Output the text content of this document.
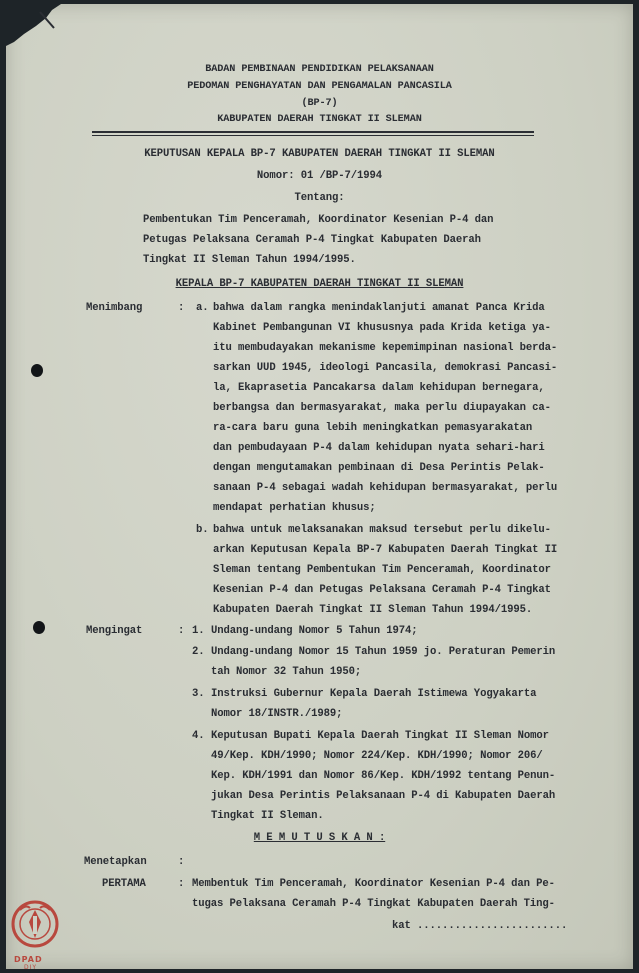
BADAN PEMBINAAN PENDIDIKAN PELAKSANAAN
PEDOMAN PENGHAYATAN DAN PENGAMALAN PANCASILA
(BP-7)
KABUPATEN DAERAH TINGKAT II SLEMAN
KEPUTUSAN KEPALA BP-7 KABUPATEN DAERAH TINGKAT II SLEMAN
Nomor: 01 /BP-7/1994
Tentang:
Pembentukan Tim Penceramah, Koordinator Kesenian P-4 dan
Petugas Pelaksana Ceramah P-4 Tingkat Kabupaten Daerah
Tingkat II Sleman Tahun 1994/1995.
KEPALA BP-7 KABUPATEN DAERAH TINGKAT II SLEMAN
Menimbang	: a. bahwa dalam rangka menindaklanjuti amanat Panca Krida
Kabinet Pembangunan VI khususnya pada Krida ketiga ya-
itu membudayakan mekanisme kepemimpinan nasional berda-
sarkan UUD 1945, ideologi Pancasila, demokrasi Pancasi-
la, Ekaprasetia Pancakarsa dalam kehidupan bernegara,
berbangsa dan bermasyarakat, maka perlu diupayakan ca-
ra-cara baru guna lebih meningkatkan pemasyarakatan
dan pembudayaan P-4 dalam kehidupan nyata sehari-hari
dengan mengutamakan pembinaan di Desa Perintis Pelak-
sanaan P-4 sebagai wadah kehidupan bermasyarakat, perlu
mendapat perhatian khusus;
b. bahwa untuk melaksanakan maksud tersebut perlu dikelu-
arkan Keputusan Kepala BP-7 Kabupaten Daerah Tingkat II
Sleman tentang Pembentukan Tim Penceramah, Koordinator
Kesenian P-4 dan Petugas Pelaksana Ceramah P-4 Tingkat
Kabupaten Daerah Tingkat II Sleman Tahun 1994/1995.
Mengingat	: 1. Undang-undang Nomor 5 Tahun 1974;
2. Undang-undang Nomor 15 Tahun 1959 jo. Peraturan Pemerin
tah Nomor 32 Tahun 1950;
3. Instruksi Gubernur Kepala Daerah Istimewa Yogyakarta
Nomor 18/INSTR./1989;
4. Keputusan Bupati Kepala Daerah Tingkat II Sleman Nomor
49/Kep. KDH/1990; Nomor 224/Kep. KDH/1990; Nomor 206/
Kep. KDH/1991 dan Nomor 86/Kep. KDH/1992 tentang Penun-
jukan Desa Perintis Pelaksanaan P-4 di Kabupaten Daerah
Tingkat II Sleman.
M E M U T U S K A N :
Menetapkan	:
PERTAMA	: Membentuk Tim Penceramah, Koordinator Kesenian P-4 dan Pe-
tugas Pelaksana Ceramah P-4 Tingkat Kabupaten Daerah Ting-
kat ........................
DPAD
DIY
